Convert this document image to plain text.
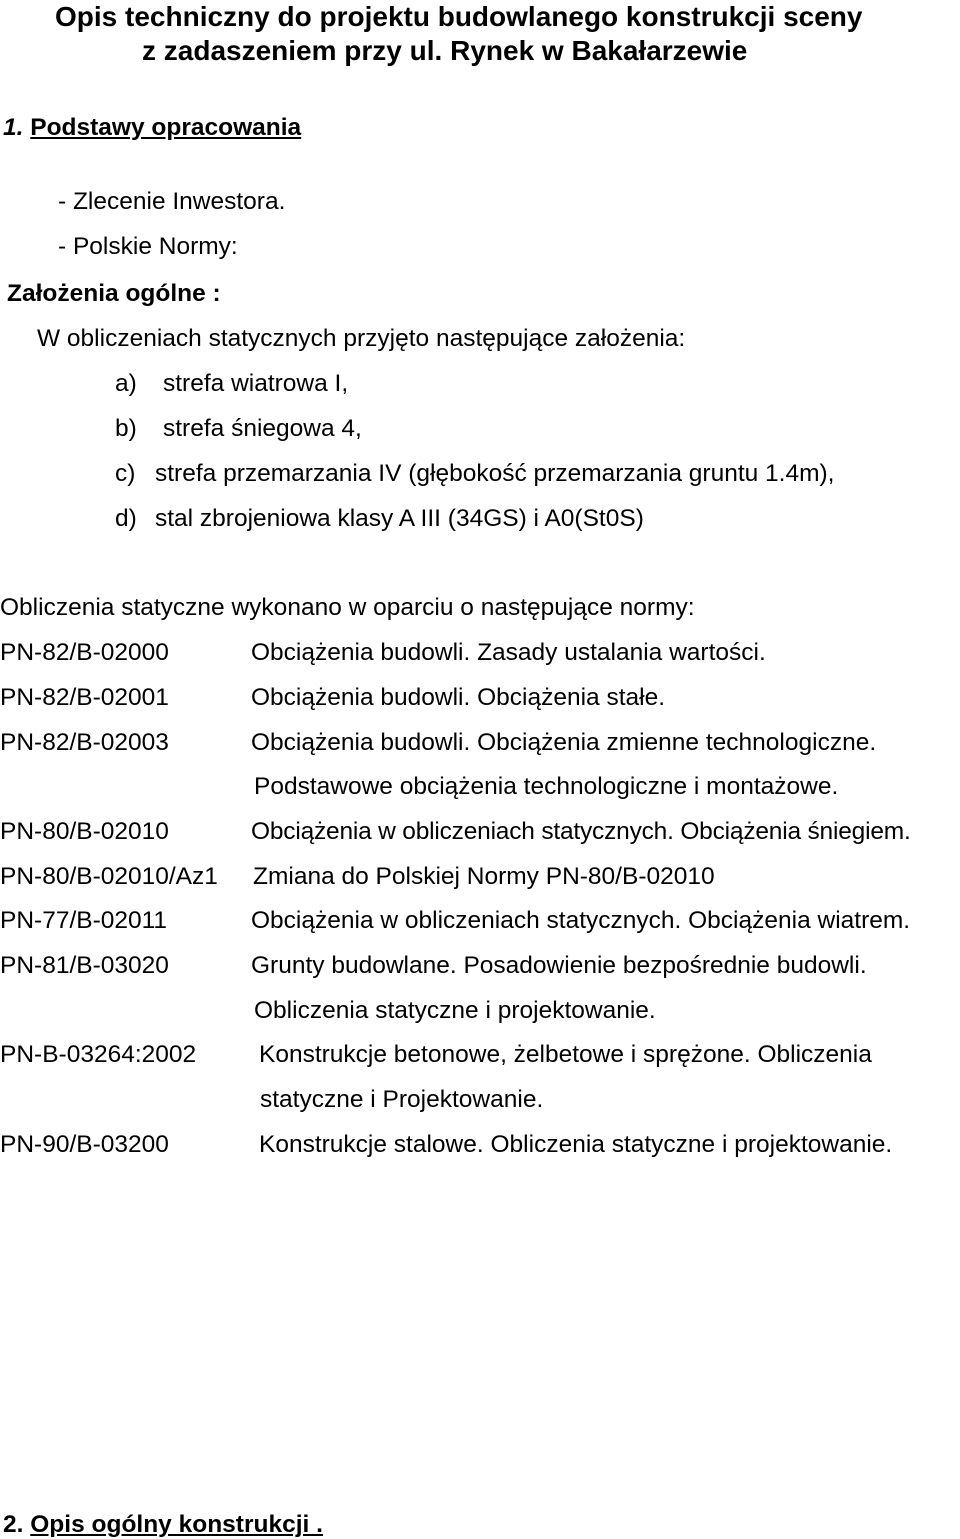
Opis techniczny do projektu budowlanego konstrukcji sceny
z zadaszeniem przy ul. Rynek w Bakałarzewie
1. Podstawy opracowania
- Zlecenie Inwestora.
- Polskie Normy:
Założenia ogólne :
W obliczeniach statycznych przyjęto następujące założenia:
a) strefa wiatrowa I,
b) strefa śniegowa 4,
c) strefa przemarzania IV (głębokość przemarzania gruntu 1.4m),
d) stal zbrojeniowa klasy A III (34GS) i A0(St0S)
Obliczenia statyczne wykonano w oparciu o następujące normy:
PN-82/B-02000	Obciążenia budowli. Zasady ustalania wartości.
PN-82/B-02001	Obciążenia budowli. Obciążenia stałe.
PN-82/B-02003	Obciążenia budowli. Obciążenia zmienne technologiczne.
Podstawowe obciążenia technologiczne i montażowe.
PN-80/B-02010	Obciążenia w obliczeniach statycznych. Obciążenia śniegiem.
PN-80/B-02010/Az1 Zmiana do Polskiej Normy PN-80/B-02010
PN-77/B-02011	Obciążenia w obliczeniach statycznych. Obciążenia wiatrem.
PN-81/B-03020	Grunty budowlane. Posadowienie bezpośrednie budowli.
Obliczenia statyczne i projektowanie.
PN-B-03264:2002	Konstrukcje betonowe, żelbetowe i sprężone. Obliczenia
statyczne i Projektowanie.
PN-90/B-03200	Konstrukcje stalowe. Obliczenia statyczne i projektowanie.
2. Opis ogólny konstrukcji .
